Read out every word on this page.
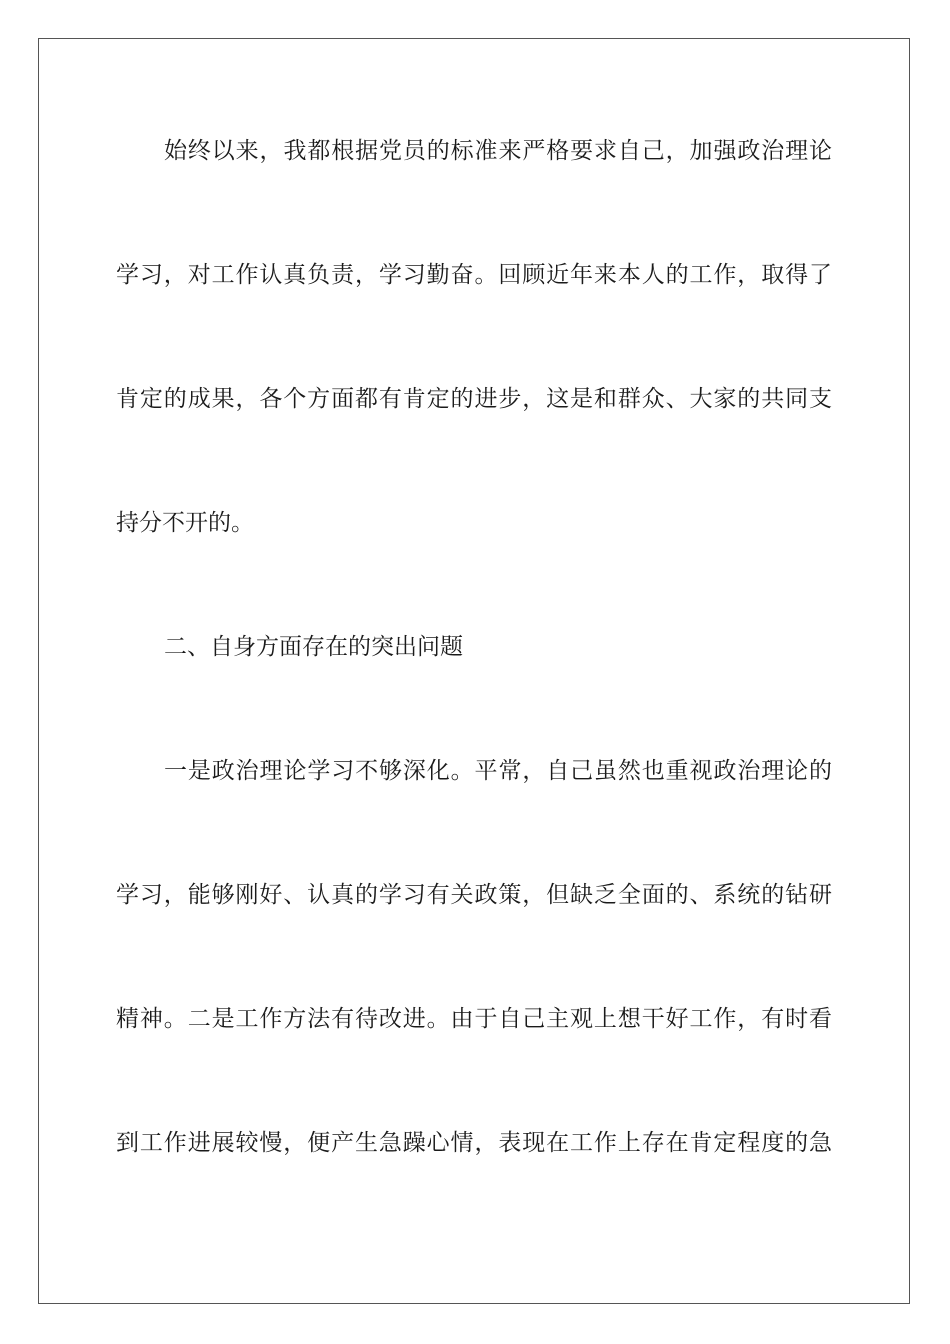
始终以来，我都根据党员的标准来严格要求自己，加强政治理论
学习，对工作认真负责，学习勤奋。回顾近年来本人的工作，取得了
肯定的成果，各个方面都有肯定的进步，这是和群众、大家的共同支
持分不开的。
二、自身方面存在的突出问题
一是政治理论学习不够深化。平常，自己虽然也重视政治理论的
学习，能够刚好、认真的学习有关政策，但缺乏全面的、系统的钻研
精神。二是工作方法有待改进。由于自己主观上想干好工作，有时看
到工作进展较慢，便产生急躁心情，表现在工作上存在肯定程度的急
